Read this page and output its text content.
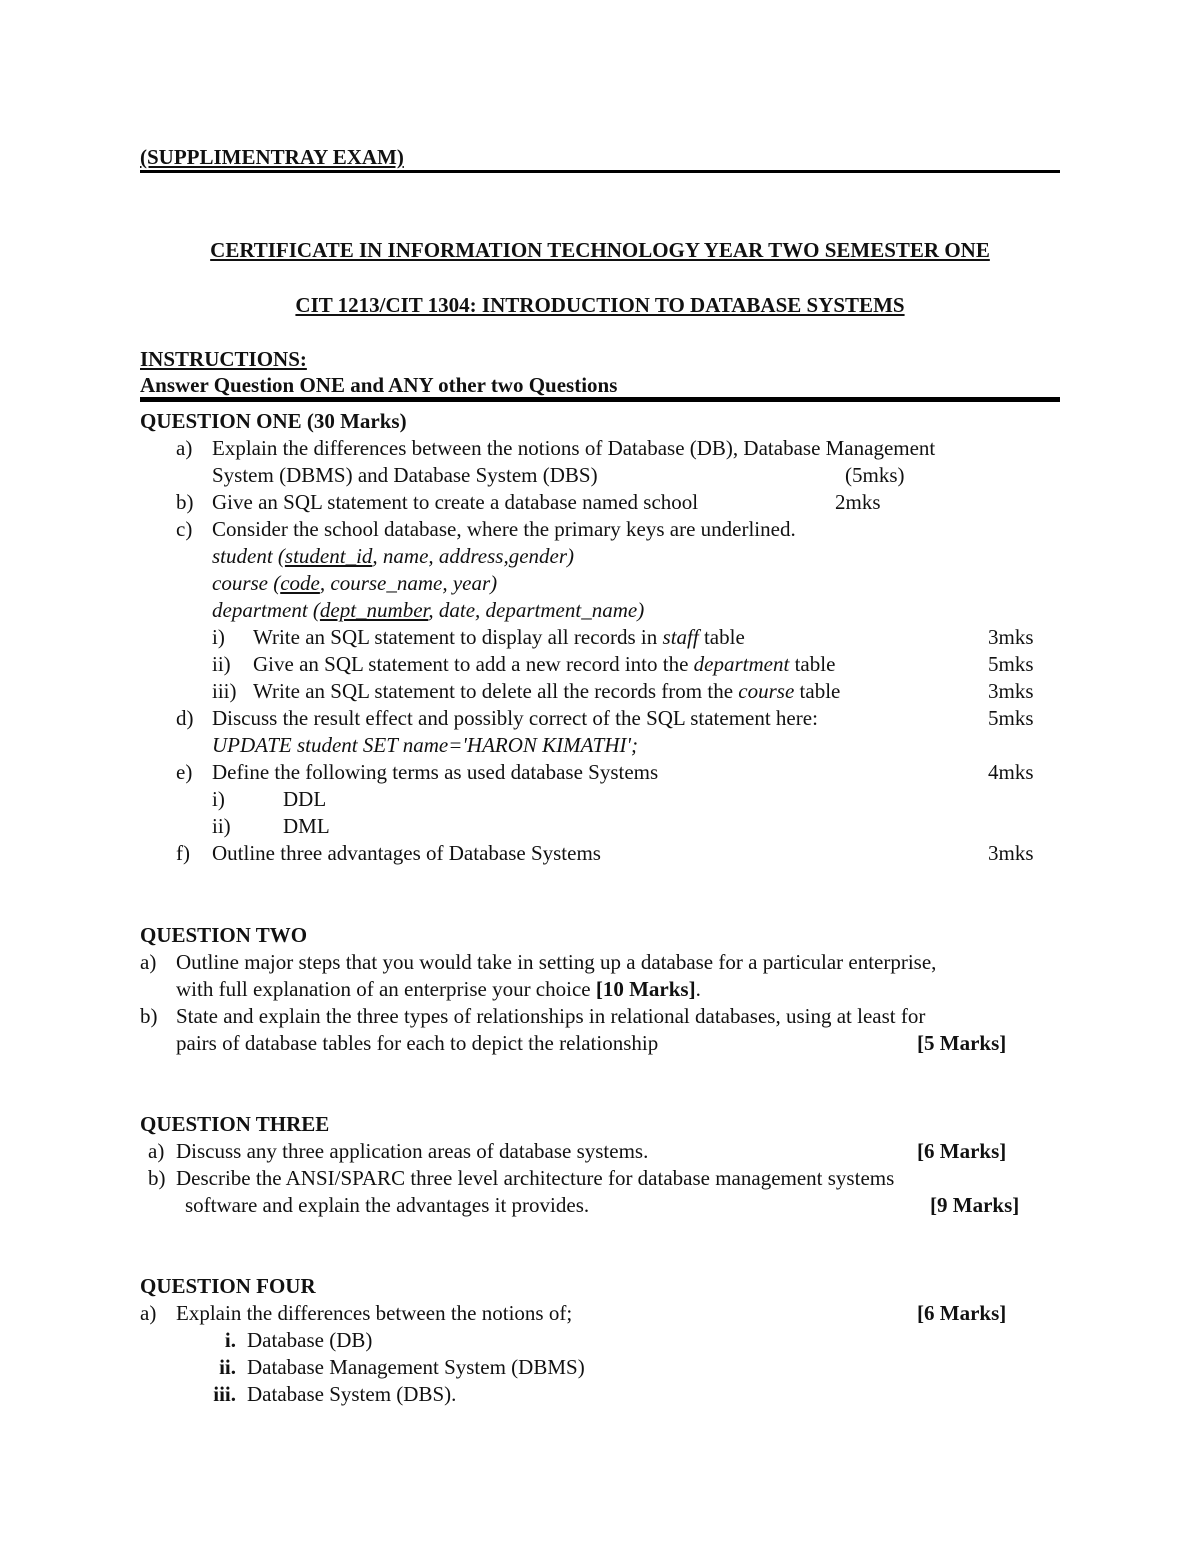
(SUPPLIMENTRAY EXAM)
CERTIFICATE IN INFORMATION TECHNOLOGY YEAR TWO SEMESTER ONE
CIT 1213/CIT 1304: INTRODUCTION TO DATABASE SYSTEMS
INSTRUCTIONS:
Answer Question ONE and ANY other two Questions
QUESTION ONE (30 Marks)
a) Explain the differences between the notions of Database (DB), Database Management
System (DBMS) and Database System (DBS)	(5mks)
b) Give an SQL statement to create a database named school	2mks
c) Consider the school database, where the primary keys are underlined.
student (student_id, name, address,gender)
course (code, course_name, year)
department (dept_number, date, department_name)
i) Write an SQL statement to display all records in staff table	3mks
ii) Give an SQL statement to add a new record into the department table	5mks
iii) Write an SQL statement to delete all the records from the course table	3mks
d) Discuss the result effect and possibly correct of the SQL statement here:	5mks
UPDATE student SET name='HARON KIMATHI';
e) Define the following terms as used database Systems	4mks
i)	DDL
ii) DML
f) Outline three advantages of Database Systems	3mks
QUESTION TWO
a) Outline major steps that you would take in setting up a database for a particular enterprise,
with full explanation of an enterprise your choice [10 Marks].
b) State and explain the three types of relationships in relational databases, using at least for
pairs of database tables for each to depict the relationship	[5 Marks]
QUESTION THREE
a) Discuss any three application areas of database systems.	[6 Marks]
b) Describe the ANSI/SPARC three level architecture for database management systems
software and explain the advantages it provides.	[9 Marks]
QUESTION FOUR
a) Explain the differences between the notions of;	[6 Marks]
i. Database (DB)
ii. Database Management System (DBMS)
iii. Database System (DBS).
